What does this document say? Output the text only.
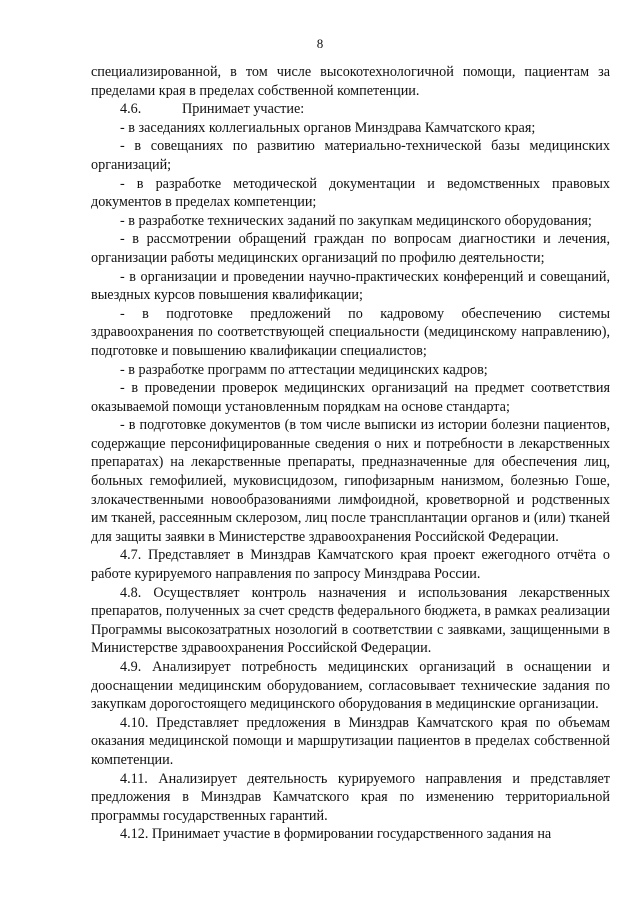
8

специализированной, в том числе высокотехнологичной помощи, пациентам за пределами края в пределах собственной компетенции.

4.6.	Принимает участие:

- в заседаниях коллегиальных органов Минздрава Камчатского края;

- в совещаниях по развитию материально-технической базы медицинских организаций;

- в разработке методической документации и ведомственных правовых документов в пределах компетенции;

- в разработке технических заданий по закупкам медицинского оборудования;

- в рассмотрении обращений граждан по вопросам диагностики и лечения, организации работы медицинских организаций по профилю деятельности;

- в организации и проведении научно-практических конференций и совещаний, выездных курсов повышения квалификации;

- в подготовке предложений по кадровому обеспечению системы здравоохранения по соответствующей специальности (медицинскому направлению), подготовке и повышению квалификации специалистов;

- в разработке программ по аттестации медицинских кадров;

- в проведении проверок медицинских организаций на предмет соответствия оказываемой помощи установленным порядкам на основе стандарта;

- в подготовке документов (в том числе выписки из истории болезни пациентов, содержащие персонифицированные сведения о них и потребности в лекарственных препаратах) на лекарственные препараты, предназначенные для обеспечения лиц, больных гемофилией, муковисцидозом, гипофизарным нанизмом, болезнью Гоше, злокачественными новообразованиями лимфоидной, кроветворной и родственных им тканей, рассеянным склерозом, лиц после трансплантации органов и (или) тканей для защиты заявки в Министерстве здравоохранения Российской Федерации.

4.7. Представляет в Минздрав Камчатского края проект ежегодного отчёта о работе курируемого направления по запросу Минздрава России.

4.8. Осуществляет контроль назначения и использования лекарственных препаратов, полученных за счет средств федерального бюджета, в рамках реализации Программы высокозатратных нозологий в соответствии с заявками, защищенными в Министерстве здравоохранения Российской Федерации.

4.9. Анализирует потребность медицинских организаций в оснащении и дооснащении медицинским оборудованием, согласовывает технические задания по закупкам дорогостоящего медицинского оборудования в медицинские организации.

4.10. Представляет предложения в Минздрав Камчатского края по объемам оказания медицинской помощи и маршрутизации пациентов в пределах собственной компетенции.

4.11. Анализирует деятельность курируемого направления и представляет предложения в Минздрав Камчатского края по изменению территориальной программы государственных гарантий.

4.12. Принимает участие в формировании государственного задания на
